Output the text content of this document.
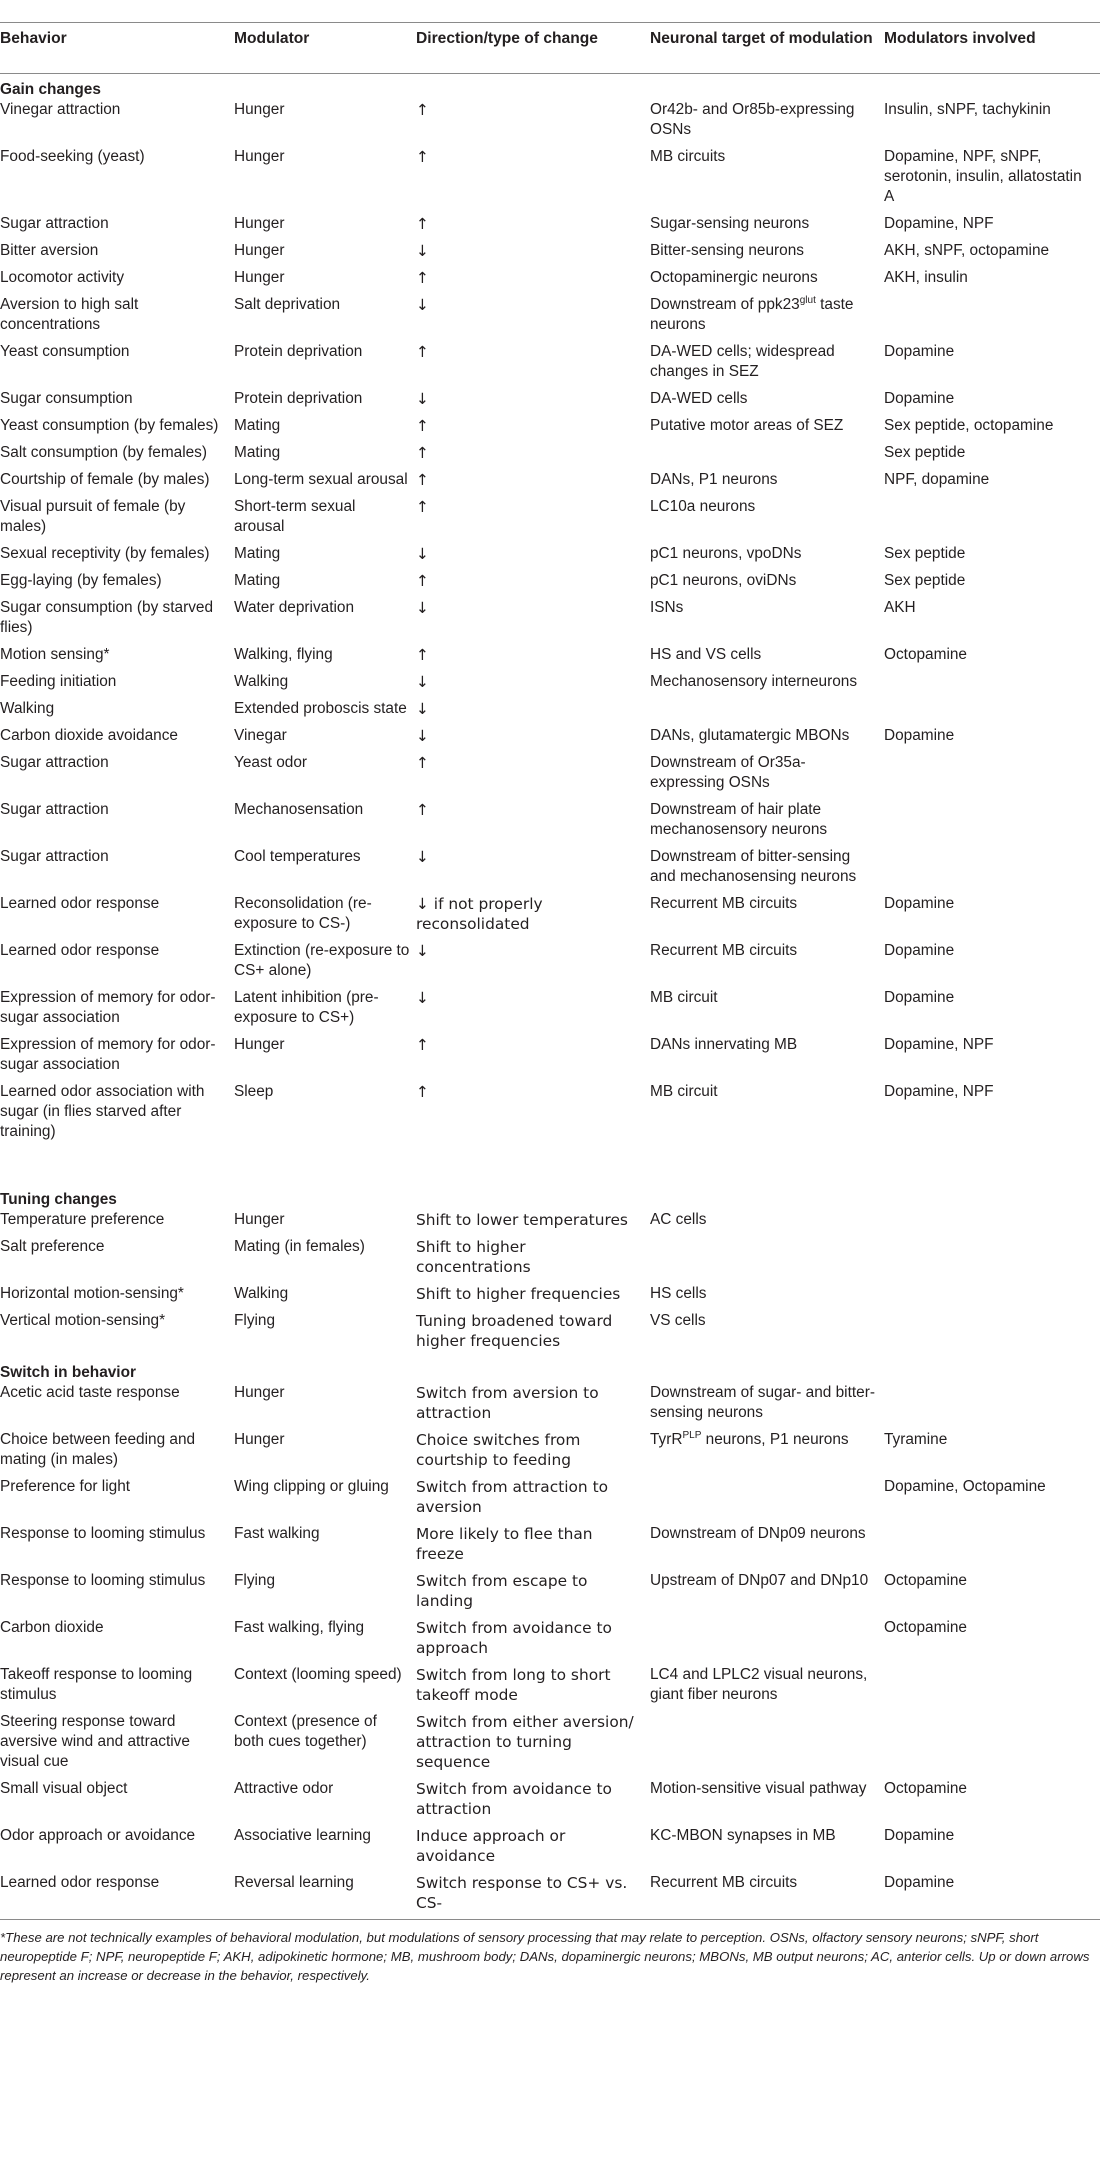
Behavior	Modulator	Direction/type of change	Neuronal target of modulation	Modulators involved
Gain changes				
Vinegar attraction	Hunger	↑	Or42b- and Or85b-expressing OSNs	Insulin, sNPF, tachykinin
Food-seeking (yeast)	Hunger	↑	MB circuits	Dopamine, NPF, sNPF, serotonin, insulin, allatostatin A
Sugar attraction	Hunger	↑	Sugar-sensing neurons	Dopamine, NPF
Bitter aversion	Hunger	↓	Bitter-sensing neurons	AKH, sNPF, octopamine
Locomotor activity	Hunger	↑	Octopaminergic neurons	AKH, insulin
Aversion to high salt concentrations	Salt deprivation	↓	Downstream of $ppk23^{glut}$ taste neurons	
Yeast consumption	Protein deprivation	↑	DA-WED cells; widespread changes in SEZ	Dopamine
Sugar consumption	Protein deprivation	↓	DA-WED cells	Dopamine
Yeast consumption (by females)	Mating	↑	Putative motor areas of SEZ	Sex peptide, octopamine
Salt consumption (by females)	Mating	↑		Sex peptide
Courtship of female (by males)	Long-term sexual arousal	↑	DANs, P1 neurons	NPF, dopamine
Visual pursuit of female (by males)	Short-term sexual arousal	↑	LC10a neurons	
Sexual receptivity (by females)	Mating	↓	pC1 neurons, vpoDNs	Sex peptide
Egg-laying (by females)	Mating	↑	pC1 neurons, oviDNs	Sex peptide
Sugar consumption (by starved flies)	Water deprivation	↓	ISNs	AKH
Motion sensing*	Walking, flying	↑	HS and VS cells	Octopamine
Feeding initiation	Walking	↓	Mechanosensory interneurons	
Walking	Extended proboscis state	↓		
Carbon dioxide avoidance	Vinegar	↓	DANs, glutamatergic MBONs	Dopamine
Sugar attraction	Yeast odor	↑	Downstream of Or35a-expressing OSNs	
Sugar attraction	Mechanosensation	↑	Downstream of hair plate mechanosensory neurons	
Sugar attraction	Cool temperatures	↓	Downstream of bitter-sensing and mechanosensing neurons	
Learned odor response	Reconsolidation (re-exposure to CS-)	↓ if not properly reconsolidated	Recurrent MB circuits	Dopamine
Learned odor response	Extinction (re-exposure to CS+ alone)	↓	Recurrent MB circuits	Dopamine
Expression of memory for odor-sugar association	Latent inhibition (pre-exposure to CS+)	↓	MB circuit	Dopamine
Expression of memory for odor-sugar association	Hunger	↑	DANs innervating MB	Dopamine, NPF
Learned odor association with sugar (in flies starved after training)	Sleep	↑	MB circuit	Dopamine, NPF

Tuning changes				
Temperature preference	Hunger	Shift to lower temperatures	AC cells	
Salt preference	Mating (in females)	Shift to higher concentrations		
Horizontal motion-sensing*	Walking	Shift to higher frequencies	HS cells	
Vertical motion-sensing*	Flying	Tuning broadened toward higher frequencies	VS cells	
Switch in behavior				
Acetic acid taste response	Hunger	Switch from aversion to attraction	Downstream of sugar- and bitter-sensing neurons	
Choice between feeding and mating (in males)	Hunger	Choice switches from courtship to feeding	TyrR$^{PLP}$ neurons, P1 neurons	Tyramine
Preference for light	Wing clipping or gluing	Switch from attraction to aversion		Dopamine, Octopamine
Response to looming stimulus	Fast walking	More likely to flee than freeze	Downstream of DNp09 neurons	
Response to looming stimulus	Flying	Switch from escape to landing	Upstream of DNp07 and DNp10	Octopamine
Carbon dioxide	Fast walking, flying	Switch from avoidance to approach		Octopamine
Takeoff response to looming stimulus	Context (looming speed)	Switch from long to short takeoff mode	LC4 and LPLC2 visual neurons, giant fiber neurons	
Steering response toward aversive wind and attractive visual cue	Context (presence of both cues together)	Switch from either aversion/ attraction to turning sequence		
Small visual object	Attractive odor	Switch from avoidance to attraction	Motion-sensitive visual pathway	Octopamine
Odor approach or avoidance	Associative learning	Induce approach or avoidance	KC-MBON synapses in MB	Dopamine
Learned odor response	Reversal learning	Switch response to CS+ vs. CS-	Recurrent MB circuits	Dopamine
*These are not technically examples of behavioral modulation, but modulations of sensory processing that may relate to perception. OSNs, olfactory sensory neurons; sNPF, short neuropeptide F; NPF, neuropeptide F; AKH, adipokinetic hormone; MB, mushroom body; DANs, dopaminergic neurons; MBONs, MB output neurons; AC, anterior cells. Up or down arrows represent an increase or decrease in the behavior, respectively.
